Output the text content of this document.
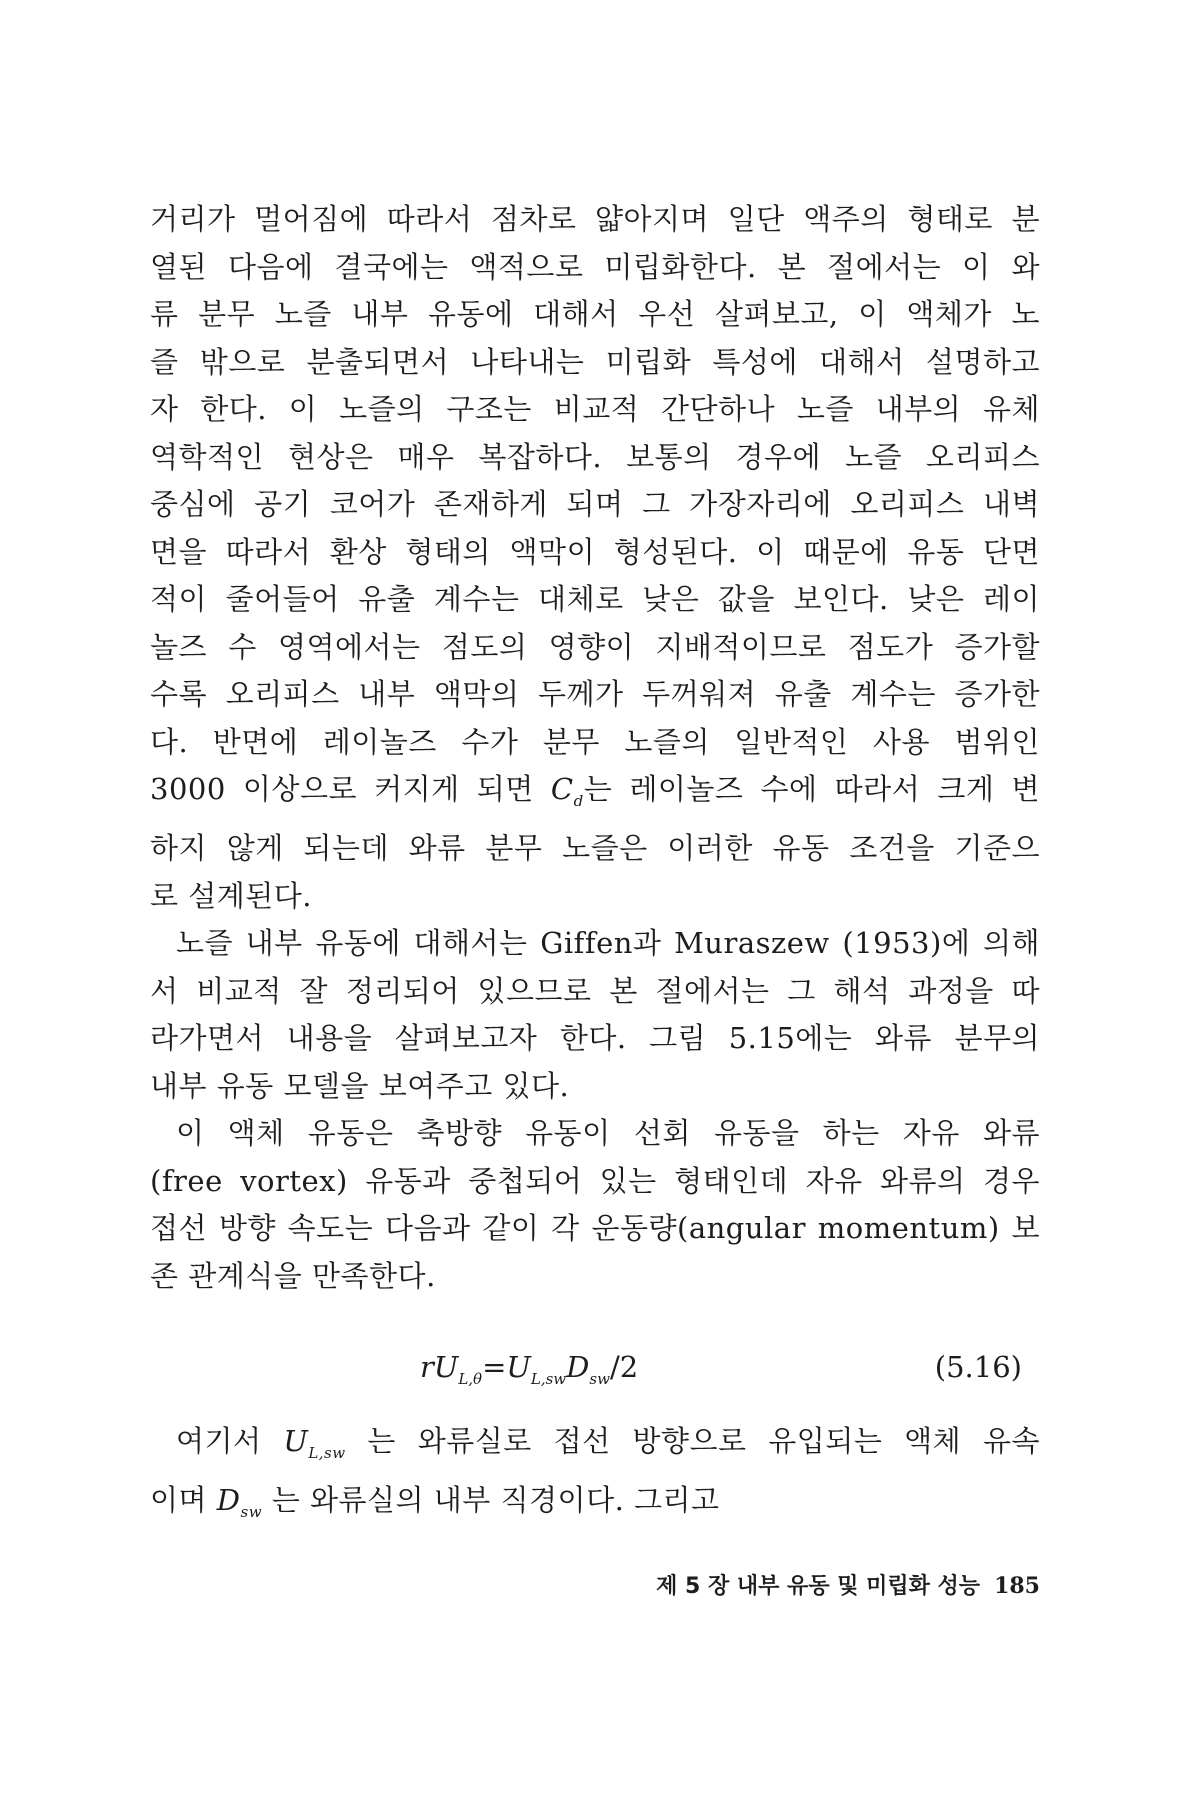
거리가 멀어짐에 따라서 점차로 얇아지며 일단 액주의 형태로 분
열된 다음에 결국에는 액적으로 미립화한다. 본 절에서는 이 와
류 분무 노즐 내부 유동에 대해서 우선 살펴보고, 이 액체가 노
즐 밖으로 분출되면서 나타내는 미립화 특성에 대해서 설명하고
자 한다. 이 노즐의 구조는 비교적 간단하나 노즐 내부의 유체
역학적인 현상은 매우 복잡하다. 보통의 경우에 노즐 오리피스
중심에 공기 코어가 존재하게 되며 그 가장자리에 오리피스 내벽
면을 따라서 환상 형태의 액막이 형성된다. 이 때문에 유동 단면
적이 줄어들어 유출 계수는 대체로 낮은 값을 보인다. 낮은 레이
놀즈 수 영역에서는 점도의 영향이 지배적이므로 점도가 증가할
수록 오리피스 내부 액막의 두께가 두꺼워져 유출 계수는 증가한
다. 반면에 레이놀즈 수가 분무 노즐의 일반적인 사용 범위인
3000 이상으로 커지게 되면 $C_d$는 레이놀즈 수에 따라서 크게 변
하지 않게 되는데 와류 분무 노즐은 이러한 유동 조건을 기준으
로 설계된다.
노즐 내부 유동에 대해서는 Giffen과 Muraszew (1953)에 의해
서 비교적 잘 정리되어 있으므로 본 절에서는 그 해석 과정을 따
라가면서 내용을 살펴보고자 한다. 그림 5.15에는 와류 분무의
내부 유동 모델을 보여주고 있다.
이 액체 유동은 축방향 유동이 선회 유동을 하는 자유 와류
(free vortex) 유동과 중첩되어 있는 형태인데 자유 와류의 경우
접선 방향 속도는 다음과 같이 각 운동량(angular momentum) 보
존 관계식을 만족한다.
$rU_{L,\theta}=U_{L,sw}D_{sw}/2$	(5.16)
여기서 $U_{L,sw}$ 는 와류실로 접선 방향으로 유입되는 액체 유속
이며 $D_{sw}$ 는 와류실의 내부 직경이다. 그리고
제 5 장 내부 유동 및 미립화 성능 185
